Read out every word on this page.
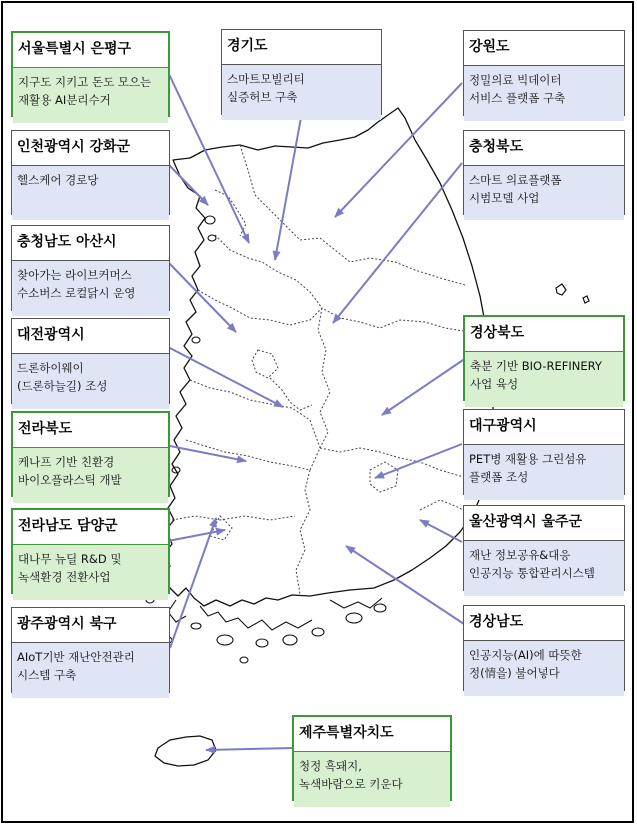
서울특별시 은평구
지구도 지키고 돈도 모으는
재활용 AI분리수거
경기도
스마트모빌리티
실증허브 구축
강원도
정밀의료 빅데이터
서비스 플랫폼 구축
인천광역시 강화군
헬스케어 경로당
충청북도
스마트 의료플랫폼
시범모델 사업
충청남도 아산시
찾아가는 라이브커머스
수소버스 로컬닭시 운영
대전광역시
드론하이웨이
(드론하늘길) 조성
경상북도
축분 기반 BIO-REFINERY
사업 육성
전라북도
케나프 기반 친환경
바이오플라스틱 개발
대구광역시
PET병 재활용 그린섬유
플랫폼 조성
전라남도 담양군
대나무 뉴딜 R&D 및
녹색환경 전환사업
울산광역시 울주군
재난 정보공유&대응
인공지능 통합관리시스템
광주광역시 북구
AIoT기반 재난안전관리
시스템 구축
경상남도
인공지능(AI)에 따뜻한
정(情을) 불어넣다
제주특별자치도
청정 흑돼지,
녹색바람으로 키운다
